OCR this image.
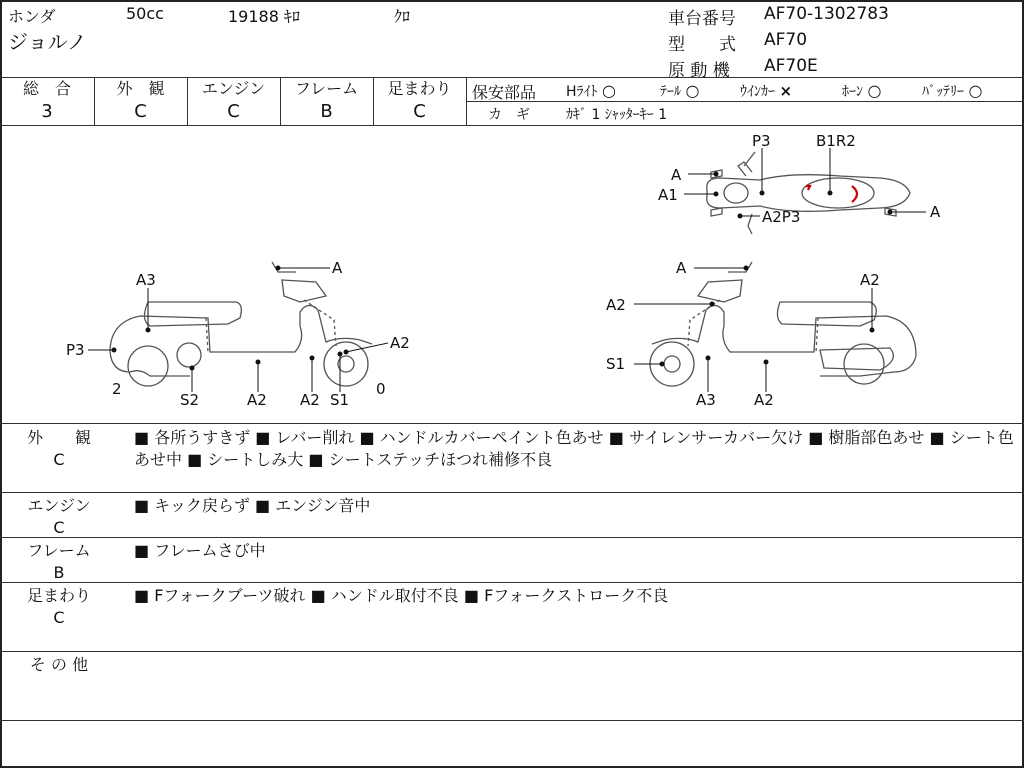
ホンダ	50cc	19188 ｷﾛ	ｸﾛ
ジョルノ
車台番号 AF70-1302783
型　　式 AF70
原 動 機 AF70E
総　合
3
外　観
C
エンジン
C
フレーム
B
足まわり
C
保安部品 Hﾗｲﾄ ○	ﾃｰﾙ ○	ｳｲﾝｶｰ ×	ﾎｰﾝ ○	ﾊﾞｯﾃﾘｰ ○
カ　ギ	ｶｷﾞ 1 ｼｬｯﾀｰｷｰ 1
P3	B1R2
A
A1
A2P3	A
A
A3
P3	A2
2
S2	A2 A2 S1
0
A
A2
A2
S1
A3	A2
外　　観
C
■ 各所うすきず ■ レバー削れ ■ ハンドルカバーペイント色あせ ■ サイレンサーカバー欠け ■ 樹脂部色あせ ■ シート色あせ中 ■ シートしみ大 ■ シートステッチほつれ補修不良
エンジン
C
■ キック戻らず ■ エンジン音中
フレーム
B
■ フレームさび中
足まわり
C
■ Fフォークブーツ破れ ■ ハンドル取付不良 ■ Fフォークストローク不良
そ の 他
